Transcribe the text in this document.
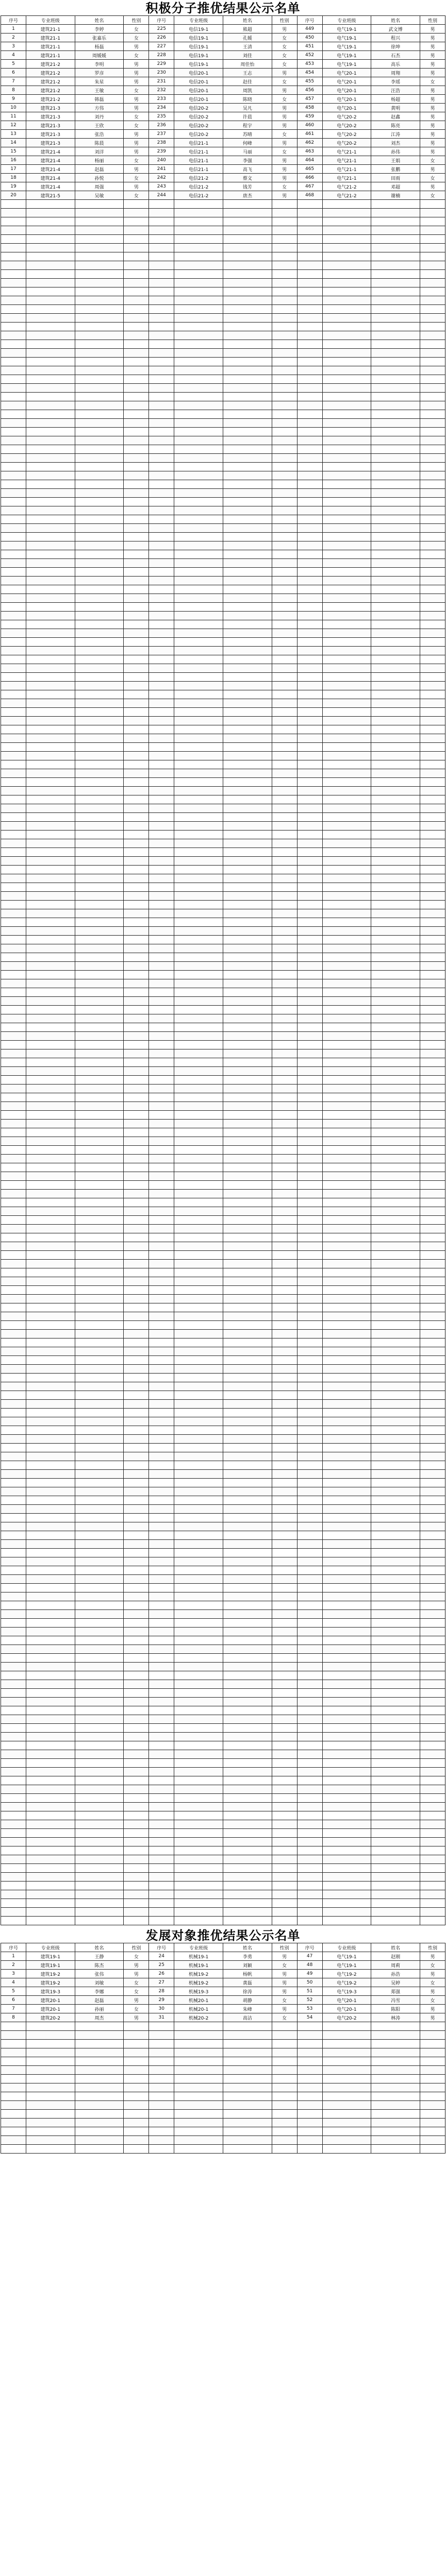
积极分子推优结果公示名单
序号	专业班级	姓名	性别	序号	专业班级	姓名	性别	序号	专业班级	姓名	性别
1	建筑21-1	李婷	女	225	电信19-1	熊超	男	449	电气19-1	武文博	男
2	建筑21-1	张嘉乐	女	226	电信19-1	孔媛	女	450	电气19-1	程兴	男
3	建筑21-1	杨磊	男	227	电信19-1	王清	女	451	电气19-1	徐坤	男
4	建筑21-1	周媛媛	女	228	电信19-1	刘佳	女	452	电气19-1	石杰	男
5	建筑21-2	李明	男	229	电信19-1	周佳怡	女	453	电气19-1	高乐	男
6	建筑21-2	罗彦	男	230	电信20-1	王志	男	454	电气20-1	周翔	男
7	建筑21-2	朱星	男	231	电信20-1	赵佳	女	455	电气20-1	李瑶	女
8	建筑21-2	王敏	女	232	电信20-1	周凯	男	456	电气20-1	汪浩	男
9	建筑21-2	韩磊	男	233	电信20-1	陈晓	女	457	电气20-1	杨超	男
10	建筑21-3	方伟	男	234	电信20-2	吴凡	男	458	电气20-1	黄明	男
11	建筑21-3	刘丹	女	235	电信20-2	许晨	男	459	电气20-2	赵鑫	男
12	建筑21-3	王欣	女	236	电信20-2	程宇	男	460	电气20-2	陈亮	男
13	建筑21-3	张浩	男	237	电信20-2	苏晴	女	461	电气20-2	江涛	男
14	建筑21-3	陈晨	男	238	电信21-1	何峰	男	462	电气20-2	刘杰	男
15	建筑21-4	刘洋	男	239	电信21-1	马丽	女	463	电气21-1	孙伟	男
16	建筑21-4	杨丽	女	240	电信21-1	李强	男	464	电气21-1	王娟	女
17	建筑21-4	赵磊	男	241	电信21-1	高飞	男	465	电气21-1	张鹏	男
18	建筑21-4	孙悦	女	242	电信21-2	蔡文	男	466	电气21-1	田雨	女
19	建筑21-4	周强	男	243	电信21-2	钱芳	女	467	电气21-2	邓超	男
20	建筑21-5	吴敏	女	244	电信21-2	唐杰	男	468	电气21-2	谢楠	女

发展对象推优结果公示名单
序号	专业班级	姓名	性别	序号	专业班级	姓名	性别	序号	专业班级	姓名	性别
1	建筑19-1	王静	女	24	机械19-1	李勇	男	47	电气19-1	赵刚	男
2	建筑19-1	陈杰	男	25	机械19-1	刘颖	女	48	电气19-1	周莉	女
3	建筑19-2	张伟	男	26	机械19-2	杨帆	男	49	电气19-2	孙浩	男
4	建筑19-2	刘敏	女	27	机械19-2	黄磊	男	50	电气19-2	吴婷	女
5	建筑19-3	李娜	女	28	机械19-3	徐涛	男	51	电气19-3	郑强	男
6	建筑20-1	赵磊	男	29	机械20-1	胡静	女	52	电气20-1	冯雪	女
7	建筑20-1	孙丽	女	30	机械20-1	朱峰	男	53	电气20-1	陈阳	男
8	建筑20-2	周杰	男	31	机械20-2	高洁	女	54	电气20-2	林涛	男
